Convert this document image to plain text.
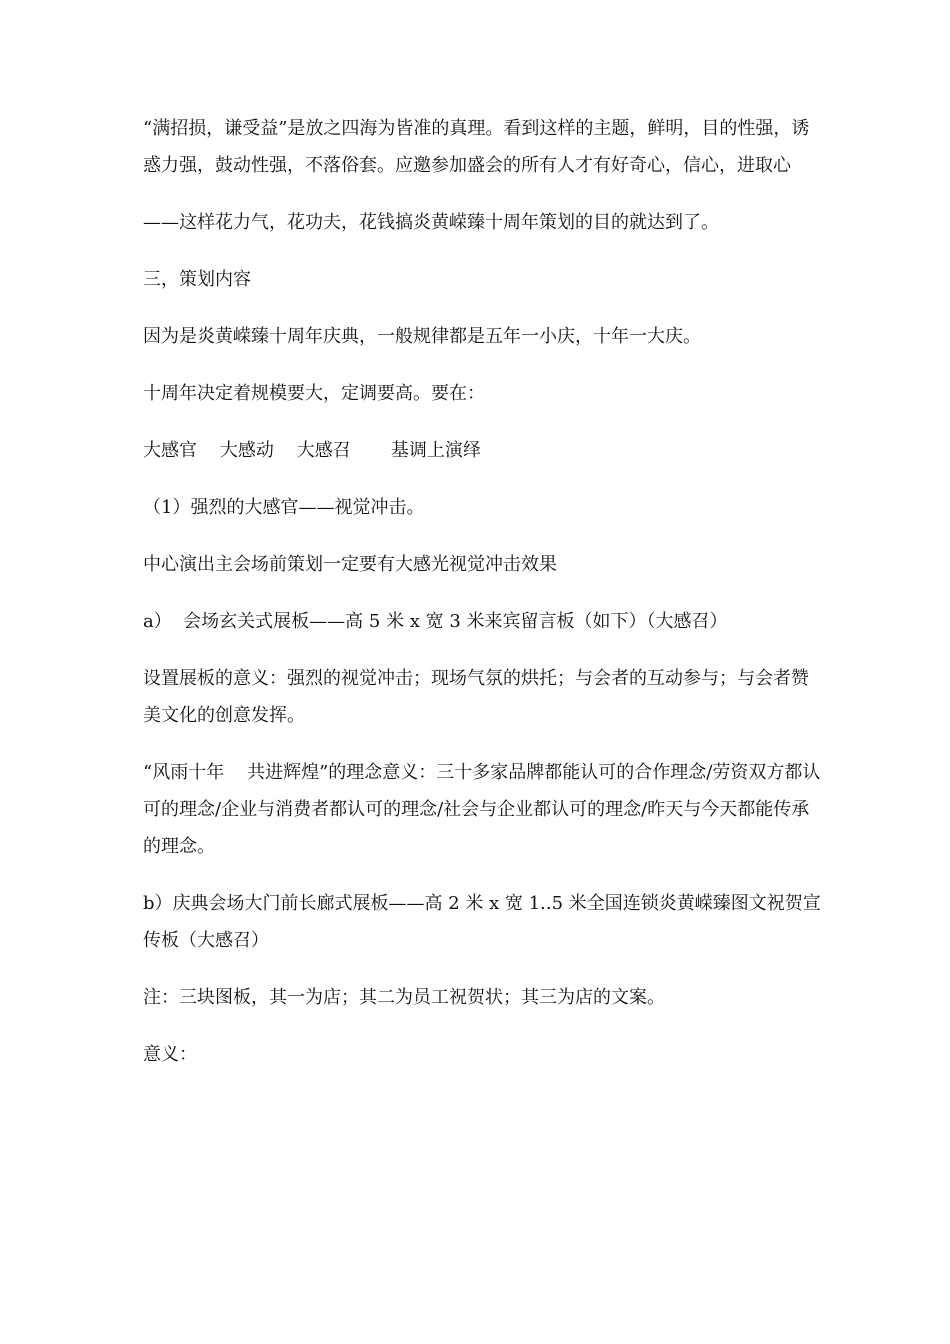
“满招损，谦受益”是放之四海为皆准的真理。看到这样的主题，鲜明，目的性强，诱惑力强，鼓动性强，不落俗套。应邀参加盛会的所有人才有好奇心，信心，进取心

——这样花力气，花功夫，花钱搞炎黄嵘臻十周年策划的目的就达到了。

三，策划内容

因为是炎黄嵘臻十周年庆典，一般规律都是五年一小庆，十年一大庆。

十周年决定着规模要大，定调要高。要在：

大感官    大感动    大感召       基调上演绎

（1）强烈的大感官——视觉冲击。

中心演出主会场前策划一定要有大感光视觉冲击效果

a）  会场玄关式展板——高 5 米 x 宽 3 米来宾留言板（如下）（大感召）

设置展板的意义：强烈的视觉冲击；现场气氛的烘托；与会者的互动参与；与会者赞美文化的创意发挥。

“风雨十年    共进辉煌”的理念意义：三十多家品牌都能认可的合作理念/劳资双方都认可的理念/企业与消费者都认可的理念/社会与企业都认可的理念/昨天与今天都能传承的理念。

b）庆典会场大门前长廊式展板——高 2 米 x 宽 1..5 米全国连锁炎黄嵘臻图文祝贺宣传板（大感召）

注：三块图板，其一为店；其二为员工祝贺状；其三为店的文案。

意义：
